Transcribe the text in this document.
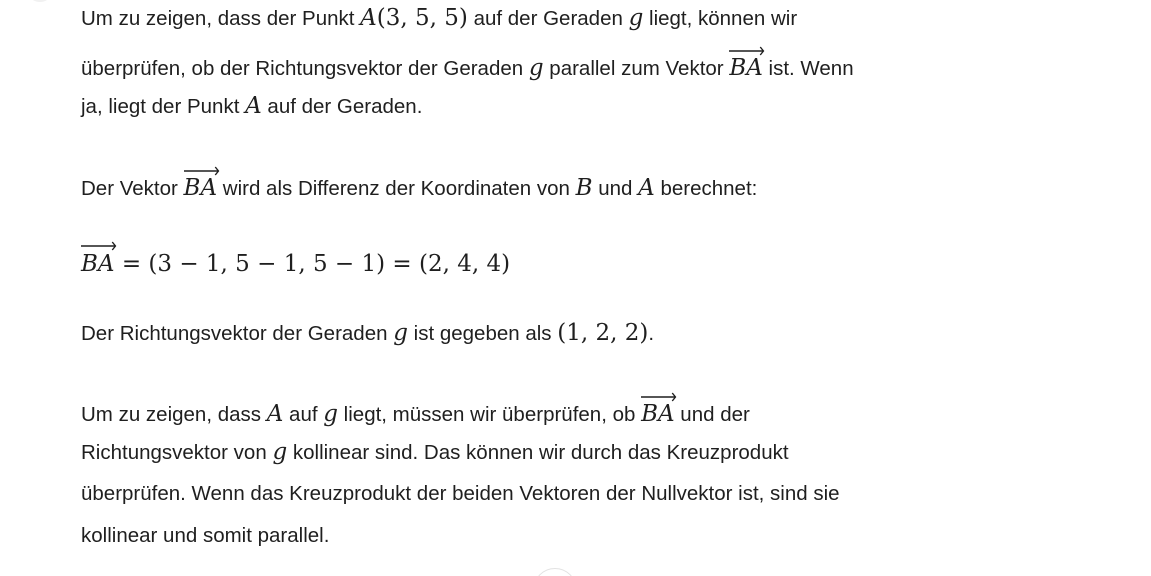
Um zu zeigen, dass der Punkt A(3, 5, 5) auf der Geraden g liegt, können wir
überprüfen, ob der Richtungsvektor der Geraden g parallel zum Vektor
BA ist. Wenn
ja, liegt der Punkt A auf der Geraden.
Der Vektor
BA wird als Differenz der Koordinaten von B und A berechnet:
BA = (3 − 1, 5 − 1, 5 − 1) = (2, 4, 4)
Der Richtungsvektor der Geraden g ist gegeben als (1, 2, 2).
Um zu zeigen, dass A auf g liegt, müssen wir überprüfen, ob
BA und der
Richtungsvektor von g kollinear sind. Das können wir durch das Kreuzprodukt
überprüfen. Wenn das Kreuzprodukt der beiden Vektoren der Nullvektor ist, sind sie
kollinear und somit parallel.
